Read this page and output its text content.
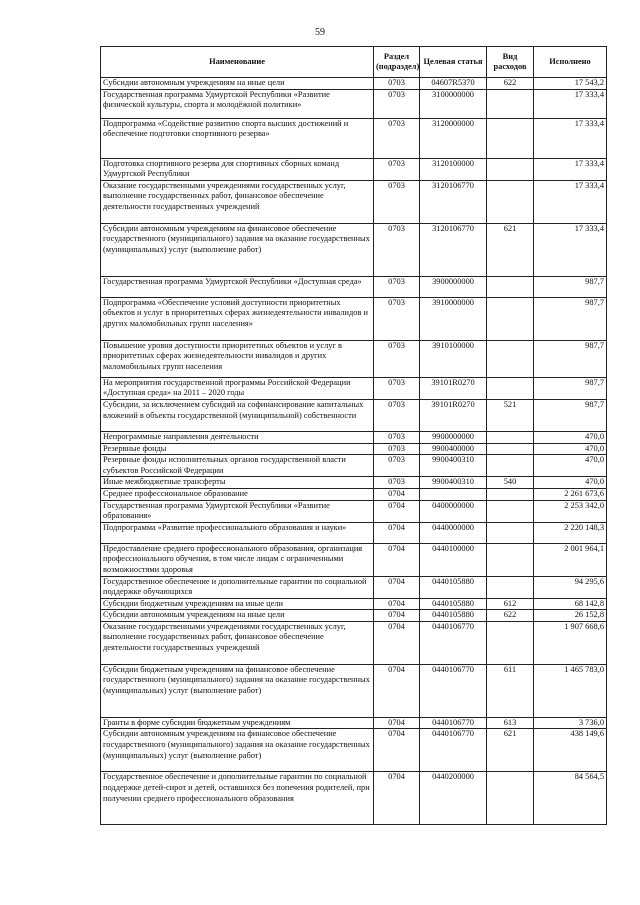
59
Наименование	Раздел (подраздел)	Целевая статья	Вид расходов	Исполнено
Субсидии автономным учреждениям на иные цели	0703	04607R5370	622	17 543,2
Государственная программа Удмуртской Республики «Развитие физической культуры, спорта и молодёжной политики»	0703	3100000000		17 333,4
Подпрограмма «Содействие развитию спорта высших достижений и обеспечение подготовки спортивного резерва»	0703	3120000000		17 333,4
Подготовка спортивного резерва для спортивных сборных команд Удмуртской Республики	0703	3120100000		17 333,4
Оказание государственными учреждениями государственных услуг, выполнение государственных работ, финансовое обеспечение деятельности государственных учреждений	0703	3120106770		17 333,4
Субсидии автономным учреждениям на финансовое обеспечение государственного (муниципального) задания на оказание государственных (муниципальных) услуг (выполнение работ)	0703	3120106770	621	17 333,4
Государственная программа Удмуртской Республики «Доступная среда»	0703	3900000000		987,7
Подпрограмма «Обеспечение условий доступности приоритетных объектов и услуг в приоритетных сферах жизнедеятельности инвалидов и других маломобильных групп населения»	0703	3910000000		987,7
Повышение уровня доступности приоритетных объектов и услуг в приоритетных сферах жизнедеятельности инвалидов и других маломобильных групп населения	0703	3910100000		987,7
На мероприятия государственной программы Российской Федерации «Доступная среда» на 2011 – 2020 годы	0703	39101R0270		987,7
Субсидии, за исключением субсидий на софинансирование капитальных вложений в объекты государственной (муниципальной) собственности	0703	39101R0270	521	987,7
Непрограммные направления деятельности	0703	9900000000		470,0
Резервные фонды	0703	9900400000		470,0
Резервные фонды исполнительных органов государственной власти субъектов Российской Федерации	0703	9900400310		470,0
Иные межбюджетные трансферты	0703	9900400310	540	470,0
Среднее профессиональное образование	0704			2 261 673,6
Государственная программа Удмуртской Республики «Развитие образования»	0704	0400000000		2 253 342,0
Подпрограмма «Развитие профессионального образования и науки»	0704	0440000000		2 220 148,3
Предоставление среднего профессионального образования, организация профессионального обучения, в том числе лицам с ограниченными возможностями здоровья	0704	0440100000		2 001 964,1
Государственное обеспечение и дополнительные гарантии по социальной поддержке обучающихся	0704	0440105880		94 295,6
Субсидии бюджетным учреждениям на иные цели	0704	0440105880	612	68 142,8
Субсидии автономным учреждениям на иные цели	0704	0440105880	622	26 152,8
Оказание государственными учреждениями государственных услуг, выполнение государственных работ, финансовое обеспечение деятельности государственных учреждений	0704	0440106770		1 907 668,6
Субсидии бюджетным учреждениям на финансовое обеспечение государственного (муниципального) задания на оказание государственных (муниципальных) услуг (выполнение работ)	0704	0440106770	611	1 465 783,0
Гранты в форме субсидии бюджетным учреждениям	0704	0440106770	613	3 736,0
Субсидии автономным учреждениям на финансовое обеспечение государственного (муниципального) задания на оказание государственных (муниципальных) услуг (выполнение работ)	0704	0440106770	621	438 149,6
Государственное обеспечение и дополнительные гарантии по социальной поддержке детей-сирот и детей, оставшихся без попечения родителей, при получении среднего профессионального образования	0704	0440200000		84 564,5
